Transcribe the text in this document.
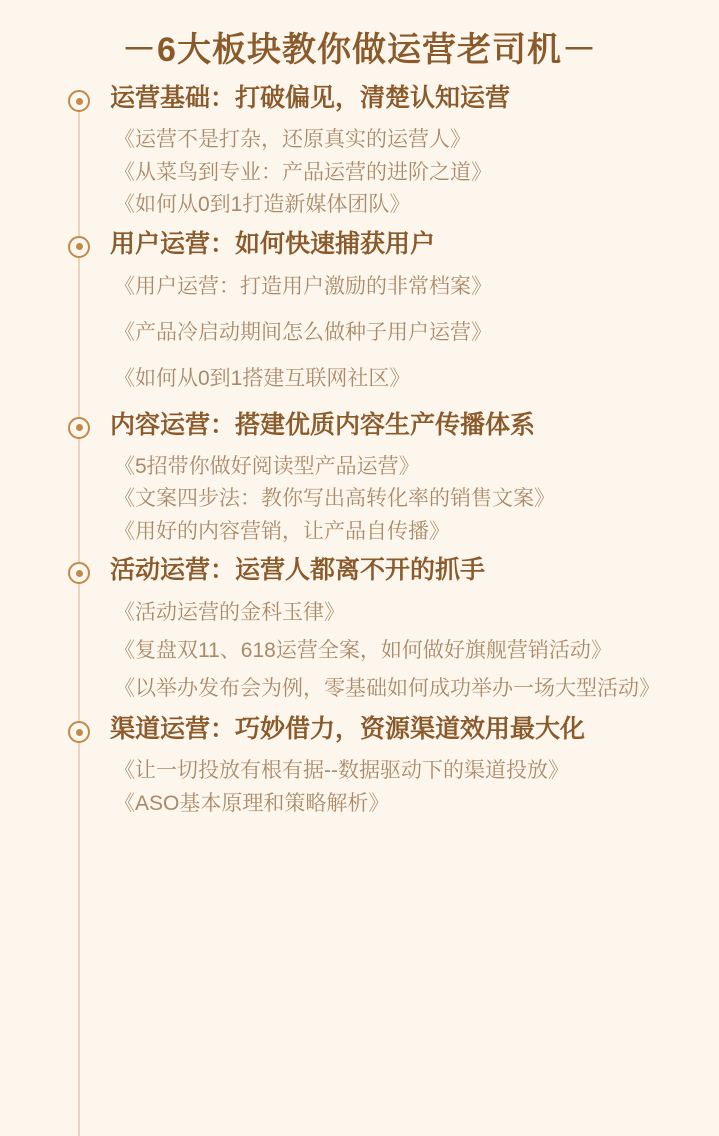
－6大板块教你做运营老司机－
运营基础：打破偏见，清楚认知运营
《运营不是打杂，还原真实的运营人》
《从菜鸟到专业：产品运营的进阶之道》
《如何从0到1打造新媒体团队》
用户运营：如何快速捕获用户
《用户运营：打造用户激励的非常档案》
《产品冷启动期间怎么做种子用户运营》
《如何从0到1搭建互联网社区》
内容运营：搭建优质内容生产传播体系
《5招带你做好阅读型产品运营》
《文案四步法：教你写出高转化率的销售文案》
《用好的内容营销，让产品自传播》
活动运营：运营人都离不开的抓手
《活动运营的金科玉律》
《复盘双11、618运营全案，如何做好旗舰营销活动》
《以举办发布会为例，零基础如何成功举办一场大型活动》
渠道运营：巧妙借力，资源渠道效用最大化
《让一切投放有根有据--数据驱动下的渠道投放》
《ASO基本原理和策略解析》
